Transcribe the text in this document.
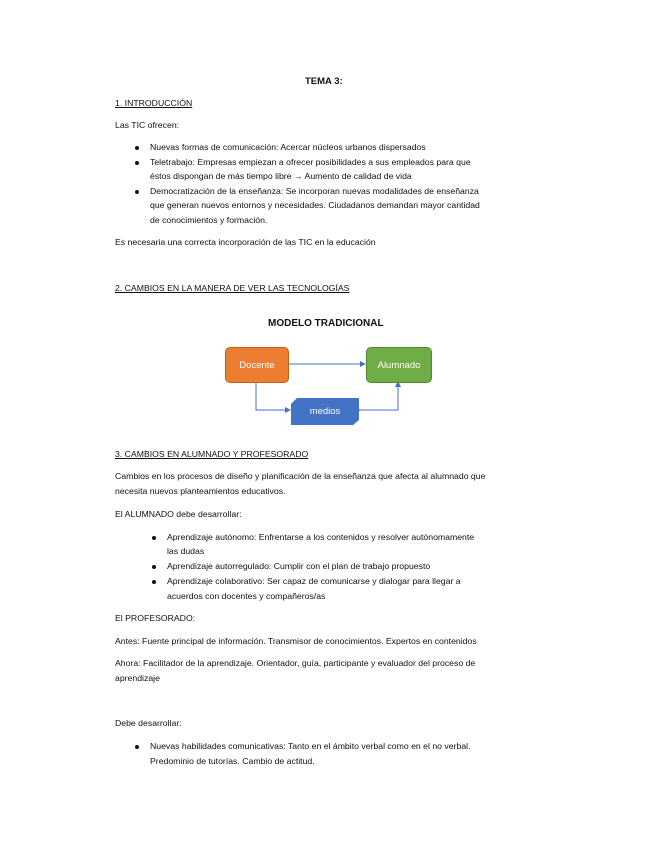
TEMA 3:
1. INTRODUCCIÓN
Las TIC ofrecen:
Nuevas formas de comunicación: Acercar núcleos urbanos dispersados
Teletrabajo: Empresas empiezan a ofrecer posibilidades a sus empleados para que
éstos dispongan de más tiempo libre → Aumento de calidad de vida
Democratización de la enseñanza: Se incorporan nuevas modalidades de enseñanza
que generan nuevos entornos y necesidades. Ciudadanos demandan mayor cantidad
de conocimientos y formación.
Es necesaria una correcta incorporación de las TIC en la educación
2. CAMBIOS EN LA MANERA DE VER LAS TECNOLOGÍAS
MODELO TRADICIONAL
Docente	Alumnado
medios
3. CAMBIOS EN ALUMNADO Y PROFESORADO
Cambios en los procesos de diseño y planificación de la enseñanza que afecta al alumnado que
necesita nuevos planteamientos educativos.
El ALUMNADO debe desarrollar:
Aprendizaje autónomo: Enfrentarse a los contenidos y resolver autónomamente
las dudas
Aprendizaje autorregulado: Cumplir con el plan de trabajo propuesto
Aprendizaje colaborativo: Ser capaz de comunicarse y dialogar para llegar a
acuerdos con docentes y compañeros/as
El PROFESORADO:
Antes: Fuente principal de información. Transmisor de conocimientos. Expertos en contenidos
Ahora: Facilitador de la aprendizaje. Orientador, guía, participante y evaluador del proceso de
aprendizaje
Debe desarrollar:
Nuevas habilidades comunicativas: Tanto en el ámbito verbal como en el no verbal.
Predominio de tutorías. Cambio de actitud.
